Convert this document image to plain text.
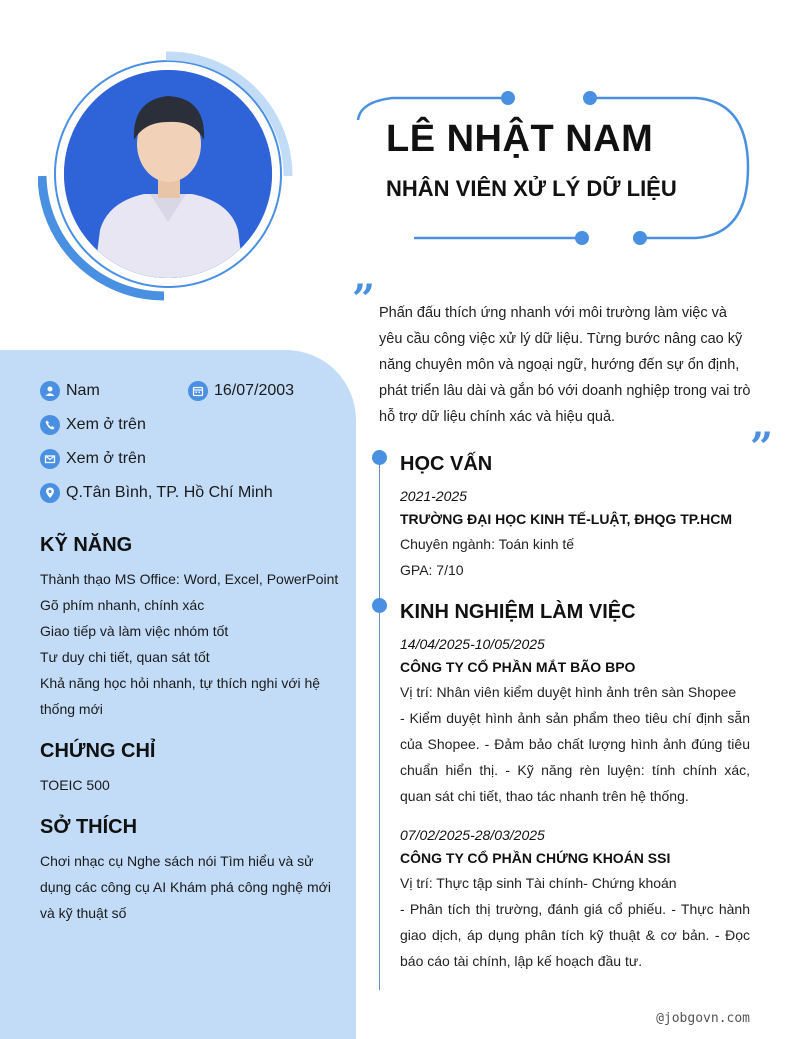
LÊ NHẬT NAM
NHÂN VIÊN XỬ LÝ DỮ LIỆU
” Phấn đấu thích ứng nhanh với môi trường làm việc và yêu cầu công việc xử lý dữ liệu. Từng bước nâng cao kỹ năng chuyên môn và ngoại ngữ, hướng đến sự ổn định, phát triển lâu dài và gắn bó với doanh nghiệp trong vai trò hỗ trợ dữ liệu chính xác và hiệu quả.
”
Nam	16/07/2003
Xem ở trên
Xem ở trên
Q.Tân Bình, TP. Hồ Chí Minh
KỸ NĂNG
Thành thạo MS Office: Word, Excel, PowerPoint
Gõ phím nhanh, chính xác
Giao tiếp và làm việc nhóm tốt
Tư duy chi tiết, quan sát tốt
Khả năng học hỏi nhanh, tự thích nghi với hệ thống mới
CHỨNG CHỈ
TOEIC 500
SỞ THÍCH
Chơi nhạc cụ Nghe sách nói Tìm hiểu và sử dụng các công cụ AI Khám phá công nghệ mới và kỹ thuật số
HỌC VẤN
2021-2025
TRƯỜNG ĐẠI HỌC KINH TẾ-LUẬT, ĐHQG TP.HCM
Chuyên ngành: Toán kinh tế
GPA: 7/10
KINH NGHIỆM LÀM VIỆC
14/04/2025-10/05/2025
CÔNG TY CỔ PHẦN MẮT BÃO BPO
Vị trí: Nhân viên kiểm duyệt hình ảnh trên sàn Shopee
- Kiểm duyệt hình ảnh sản phẩm theo tiêu chí định sẵn của Shopee. - Đảm bảo chất lượng hình ảnh đúng tiêu chuẩn hiển thị. - Kỹ năng rèn luyện: tính chính xác, quan sát chi tiết, thao tác nhanh trên hệ thống.
07/02/2025-28/03/2025
CÔNG TY CỔ PHẦN CHỨNG KHOÁN SSI
Vị trí: Thực tập sinh Tài chính- Chứng khoán
- Phân tích thị trường, đánh giá cổ phiếu. - Thực hành giao dịch, áp dụng phân tích kỹ thuật & cơ bản. - Đọc báo cáo tài chính, lập kế hoạch đầu tư.
@jobgovn.com
